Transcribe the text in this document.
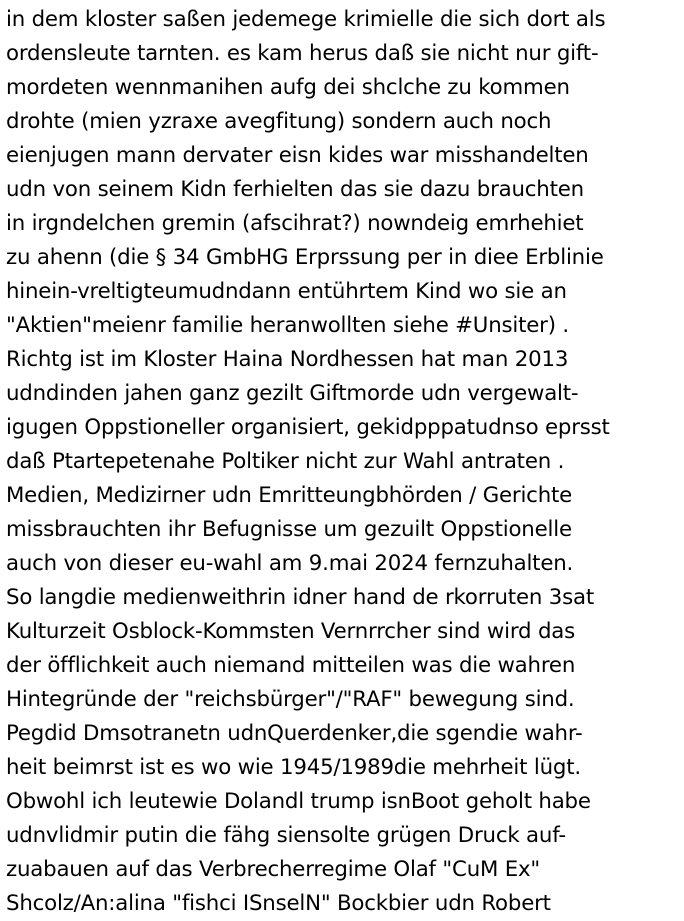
in dem kloster saßen jedemege krimielle die sich dort als
ordensleute tarnten. es kam herus daß sie nicht nur gift-
mordeten wennmanihen aufg dei shclche zu kommen
drohte (mien yzraxe avegfitung) sondern auch noch
eienjugen mann dervater eisn kides war misshandelten
udn von seinem Kidn ferhielten das sie dazu brauchten
in irgndelchen gremin (afscihrat?) nowndeig emrhehiet
zu ahenn (die § 34 GmbHG Erprssung per in diee Erblinie
hinein-vreltigteumudndann entührtem Kind wo sie an
"Aktien"meienr familie heranwollten siehe #Unsiter) .
Richtg ist im Kloster Haina Nordhessen hat man 2013
udndinden jahen ganz gezilt Giftmorde udn vergewalt-
igugen Oppstioneller organisiert, gekidpppatudnso eprsst
daß Ptartepetenahe Poltiker nicht zur Wahl antraten .
Medien, Medizirner udn Emritteungbhörden / Gerichte
missbrauchten ihr Befugnisse um gezuilt Oppstionelle
auch von dieser eu-wahl am 9.mai 2024 fernzuhalten.
So langdie medienweithrin idner hand de rkorruten 3sat
Kulturzeit Osblock-Kommsten Vernrrcher sind wird das
der öfflichkeit auch niemand mitteilen was die wahren
Hintegründe der "reichsbürger"/"RAF" bewegung sind.
Pegdid Dmsotranetn udnQuerdenker,die sgendie wahr-
heit beimrst ist es wo wie 1945/1989die mehrheit lügt.
Obwohl ich leutewie Dolandl trump isnBoot geholt habe
udnvlidmir putin die fähg siensolte grügen Druck auf-
zuabauen auf das Verbrecherregime Olaf "CuM Ex"
Shcolz/An:alina "fishci ISnselN" Bockbier udn Robert
